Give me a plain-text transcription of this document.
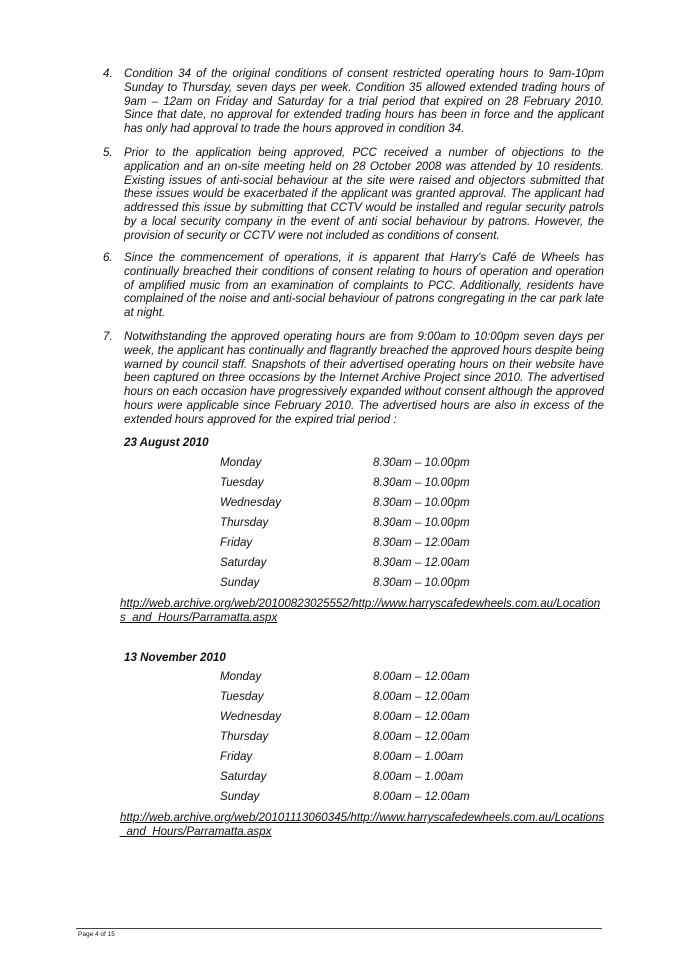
4. Condition 34 of the original conditions of consent restricted operating hours to 9am-10pm Sunday to Thursday, seven days per week. Condition 35 allowed extended trading hours of 9am – 12am on Friday and Saturday for a trial period that expired on 28 February 2010. Since that date, no approval for extended trading hours has been in force and the applicant has only had approval to trade the hours approved in condition 34.

5. Prior to the application being approved, PCC received a number of objections to the application and an on-site meeting held on 28 October 2008 was attended by 10 residents. Existing issues of anti-social behaviour at the site were raised and objectors submitted that these issues would be exacerbated if the applicant was granted approval. The applicant had addressed this issue by submitting that CCTV would be installed and regular security patrols by a local security company in the event of anti social behaviour by patrons. However, the provision of security or CCTV were not included as conditions of consent.

6. Since the commencement of operations, it is apparent that Harry's Café de Wheels has continually breached their conditions of consent relating to hours of operation and operation of amplified music from an examination of complaints to PCC. Additionally, residents have complained of the noise and anti-social behaviour of patrons congregating in the car park late at night.

7. Notwithstanding the approved operating hours are from 9:00am to 10:00pm seven days per week, the applicant has continually and flagrantly breached the approved hours despite being warned by council staff. Snapshots of their advertised operating hours on their website have been captured on three occasions by the Internet Archive Project since 2010. The advertised hours on each occasion have progressively expanded without consent although the approved hours were applicable since February 2010. The advertised hours are also in excess of the extended hours approved for the expired trial period :

23 August 2010
Monday	8.30am – 10.00pm
Tuesday	8.30am – 10.00pm
Wednesday	8.30am – 10.00pm
Thursday	8.30am – 10.00pm
Friday	8.30am – 12.00am
Saturday	8.30am – 12.00am
Sunday	8.30am – 10.00pm
http://web.archive.org/web/20100823025552/http://www.harryscafedewheels.com.au/Locations_and_Hours/Parramatta.aspx
13 November 2010
Monday	8.00am – 12.00am
Tuesday	8.00am – 12.00am
Wednesday	8.00am – 12.00am
Thursday	8.00am – 12.00am
Friday	8.00am – 1.00am
Saturday	8.00am – 1.00am
Sunday	8.00am – 12.00am
http://web.archive.org/web/20101113060345/http://www.harryscafedewheels.com.au/Locations_and_Hours/Parramatta.aspx
Page 4 of 15
